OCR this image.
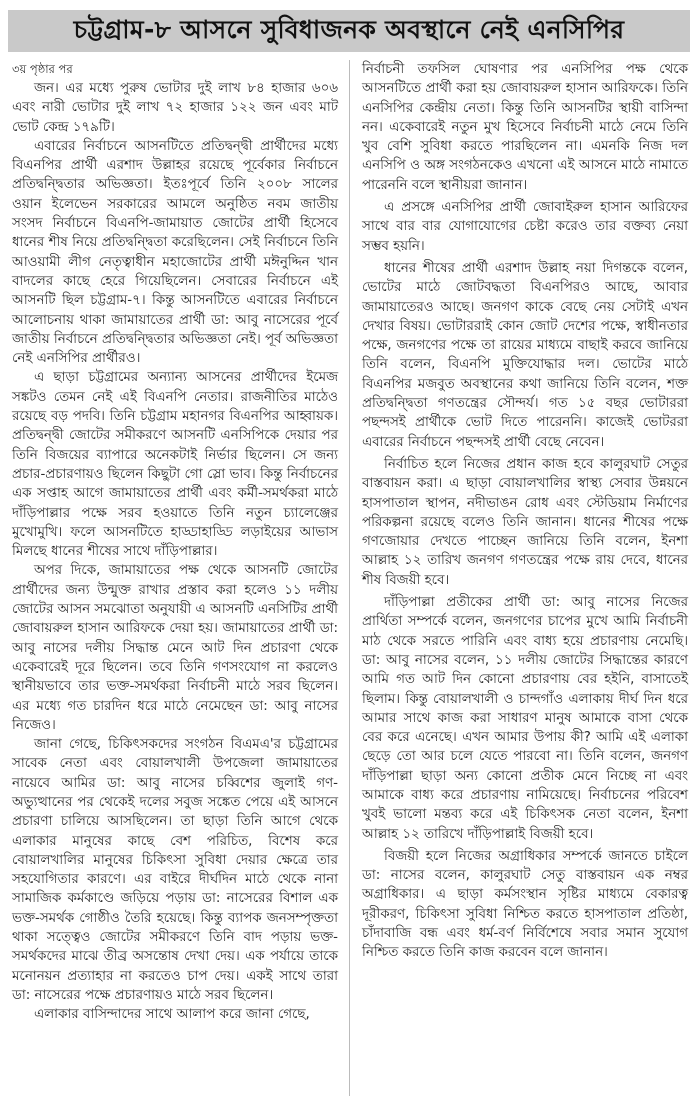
চট্টগ্রাম-৮ আসনে সুবিধাজনক অবস্থানে নেই এনসিপির
৩য় পৃষ্ঠার পর

জন। এর মধ্যে পুরুষ ভোটার দুই লাখ ৮৪ হাজার ৬০৬ এবং নারী ভোটার দুই লাখ ৭২ হাজার ১২২ জন এবং মাট ভোট কেন্দ্র ১৭৯টি।

এবারের নির্বাচনে আসনটিতে প্রতিদ্বন্দ্বী প্রার্থীদের মধ্যে বিএনপির প্রার্থী এরশাদ উল্লাহর রয়েছে পূর্বেকার নির্বাচনে প্রতিদ্বন্দ্বিতার অভিজ্ঞতা। ইতঃপূর্বে তিনি ২০০৮ সালের ওয়ান ইলেভেন সরকারের আমলে অনুষ্ঠিত নবম জাতীয় সংসদ নির্বাচনে বিএনপি-জামায়াত জোটের প্রার্থী হিসেবে ধানের শীষ নিয়ে প্রতিদ্বন্দ্বিতা করেছিলেন। সেই নির্বাচনে তিনি আওয়ামী লীগ নেতৃত্বাধীন মহাজোটের প্রার্থী মঈনুদ্দিন খান বাদলের কাছে হেরে গিয়েছিলেন। সেবারের নির্বাচনে এই আসনটি ছিল চট্টগ্রাম-৭। কিন্তু আসনটিতে এবারের নির্বাচনে আলোচনায় থাকা জামায়াতের প্রার্থী ডা: আবু নাসেরের পূর্বে জাতীয় নির্বাচনে প্রতিদ্বন্দ্বিতার অভিজ্ঞতা নেই। পূর্ব অভিজ্ঞতা নেই এনসিপির প্রার্থীরও।

এ ছাড়া চট্টগ্রামের অন্যান্য আসনের প্রার্থীদের ইমেজ সঙ্কটও তেমন নেই এই বিএনপি নেতার। রাজনীতির মাঠেও রয়েছে বড় পদবি। তিনি চট্টগ্রাম মহানগর বিএনপির আহ্বায়ক। প্রতিদ্বন্দ্বী জোটের সমীকরণে আসনটি এনসিপিকে দেয়ার পর তিনি বিজয়ের ব্যাপারে অনেকটাই নির্ভার ছিলেন। সে জন্য প্রচার-প্রচারণায়ও ছিলেন কিছুটা গো স্লো ভাব। কিন্তু নির্বাচনের এক সপ্তাহ আগে জামায়াতের প্রার্থী এবং কর্মী-সমর্থকরা মাঠে দাঁড়িপাল্লার পক্ষে সরব হওয়াতে তিনি নতুন চ্যালেঞ্জের মুখোমুখি। ফলে আসনটিতে হাড্ডাহাড্ডি লড়াইয়ের আভাস মিলছে ধানের শীষের সাথে দাঁড়িপাল্লার।

অপর দিকে, জামায়াতের পক্ষ থেকে আসনটি জোটের প্রার্থীদের জন্য উন্মুক্ত রাখার প্রস্তাব করা হলেও ১১ দলীয় জোটের আসন সমঝোতা অনুযায়ী এ আসনটি এনসিটির প্রার্থী জোবায়রুল হাসান আরিফকে দেয়া হয়। জামায়াতের প্রার্থী ডা: আবু নাসের দলীয় সিদ্ধান্ত মেনে আট দিন প্রচারণা থেকে একেবারেই দূরে ছিলেন। তবে তিনি গণসংযোগ না করলেও স্থানীয়ভাবে তার ভক্ত-সমর্থকরা নির্বাচনী মাঠে সরব ছিলেন। এর মধ্যে গত চারদিন ধরে মাঠে নেমেছেন ডা: আবু নাসের নিজেও।

জানা গেছে, চিকিৎসকদের সংগঠন বিএমএ'র চট্টগ্রামের সাবেক নেতা এবং বোয়ালখালী উপজেলা জামায়াতের নায়েবে আমির ডা: আবু নাসের চব্বিশের জুলাই গণ-অভ্যুত্থানের পর থেকেই দলের সবুজ সঙ্কেত পেয়ে এই আসনে প্রচারণা চালিয়ে আসছিলেন। তা ছাড়া তিনি আগে থেকে এলাকার মানুষের কাছে বেশ পরিচিত, বিশেষ করে বোয়ালখালির মানুষের চিকিৎসা সুবিধা দেয়ার ক্ষেত্রে তার সহযোগিতার কারণে। এর বাইরে দীর্ঘদিন মাঠে থেকে নানা সামাজিক কর্মকাণ্ডে জড়িয়ে পড়ায় ডা: নাসেরের বিশাল এক ভক্ত-সমর্থক গোষ্ঠীও তৈরি হয়েছে। কিন্তু ব্যাপক জনসম্পৃক্ততা থাকা সত্ত্বেও জোটের সমীকরণে তিনি বাদ পড়ায় ভক্ত-সমর্থকদের মাঝে তীব্র অসন্তোষ দেখা দেয়। এক পর্যায়ে তাকে মনোনয়ন প্রত্যাহার না করতেও চাপ দেয়। একই সাথে তারা ডা: নাসেরের পক্ষে প্রচারণায়ও মাঠে সরব ছিলেন।

এলাকার বাসিন্দাদের সাথে আলাপ করে জানা গেছে,

নির্বাচনী তফসিল ঘোষণার পর এনসিপির পক্ষ থেকে আসনটিতে প্রার্থী করা হয় জোবায়রুল হাসান আরিফকে। তিনি এনসিপির কেন্দ্রীয় নেতা। কিন্তু তিনি আসনটির স্থায়ী বাসিন্দা নন। একেবারেই নতুন মুখ হিসেবে নির্বাচনী মাঠে নেমে তিনি খুব বেশি সুবিধা করতে পারছিলেন না। এমনকি নিজ দল এনসিপি ও অঙ্গ সংগঠনকেও এখনো এই আসনে মাঠে নামাতে পারেননি বলে স্থানীয়রা জানান।

এ প্রসঙ্গে এনসিপির প্রার্থী জোবাইরুল হাসান আরিফের সাথে বার বার যোগাযোগের চেষ্টা করেও তার বক্তব্য নেয়া সম্ভব হয়নি।

ধানের শীষের প্রার্থী এরশাদ উল্লাহ নয়া দিগন্তকে বলেন, ভোটের মাঠে জোটবদ্ধতা বিএনপিরও আছে, আবার জামায়াতেরও আছে। জনগণ কাকে বেছে নেয় সেটাই এখন দেখার বিষয়। ভোটাররাই কোন জোট দেশের পক্ষে, স্বাধীনতার পক্ষে, জনগণের পক্ষে তা রায়ের মাধ্যমে বাছাই করবে জানিয়ে তিনি বলেন, বিএনপি মুক্তিযোদ্ধার দল। ভোটের মাঠে বিএনপির মজবুত অবস্থানের কথা জানিয়ে তিনি বলেন, শক্ত প্রতিদ্বন্দ্বিতা গণতন্ত্রের সৌন্দর্য। গত ১৫ বছর ভোটাররা পছন্দসই প্রার্থীকে ভোট দিতে পারেননি। কাজেই ভোটররা এবারের নির্বাচনে পছন্দসই প্রার্থী বেছে নেবেন।

নির্বাচিত হলে নিজের প্রধান কাজ হবে কালুরঘাট সেতুর বাস্তবায়ন করা। এ ছাড়া বোয়ালখালির স্বাস্থ্য সেবার উন্নয়নে হাসপাতাল স্থাপন, নদীভাঙন রোধ এবং স্টেডিয়াম নির্মাণের পরিকল্পনা রয়েছে বলেও তিনি জানান। ধানের শীষের পক্ষে গণজোয়ার দেখতে পাচ্ছেন জানিয়ে তিনি বলেন, ইনশা আল্লাহ ১২ তারিখ জনগণ গণতন্ত্রের পক্ষে রায় দেবে, ধানের শীষ বিজয়ী হবে।

দাঁড়িপাল্লা প্রতীকের প্রার্থী ডা: আবু নাসের নিজের প্রার্থিতা সম্পর্কে বলেন, জনগণের চাপের মুখে আমি নির্বাচনী মাঠ থেকে সরতে পারিনি এবং বাধ্য হয়ে প্রচারণায় নেমেছি। ডা: আবু নাসের বলেন, ১১ দলীয় জোটের সিদ্ধান্তের কারণে আমি গত আট দিন কোনো প্রচারণায় বের হইনি, বাসাতেই ছিলাম। কিন্তু বোয়ালখালী ও চান্দগাঁও এলাকায় দীর্ঘ দিন ধরে আমার সাথে কাজ করা সাধারণ মানুষ আমাকে বাসা থেকে বের করে এনেছে। এখন আমার উপায় কী? আমি এই এলাকা ছেড়ে তো আর চলে যেতে পারবো না। তিনি বলেন, জনগণ দাঁড়িপাল্লা ছাড়া অন্য কোনো প্রতীক মেনে নিচ্ছে না এবং আমাকে বাধ্য করে প্রচারণায় নামিয়েছে। নির্বাচনের পরিবেশ খুবই ভালো মন্তব্য করে এই চিকিৎসক নেতা বলেন, ইনশা আল্লাহ ১২ তারিখে দাঁড়িপাল্লাই বিজয়ী হবে।

বিজয়ী হলে নিজের অগ্রাধিকার সম্পর্কে জানতে চাইলে ডা: নাসের বলেন, কালুরঘাট সেতু বাস্তবায়ন এক নম্বর অগ্রাধিকার। এ ছাড়া কর্মসংস্থান সৃষ্টির মাধ্যমে বেকারত্ব দূরীকরণ, চিকিৎসা সুবিধা নিশ্চিত করতে হাসপাতাল প্রতিষ্ঠা, চাঁদাবাজি বন্ধ এবং ধর্ম-বর্ণ নির্বিশেষে সবার সমান সুযোগ নিশ্চিত করতে তিনি কাজ করবেন বলে জানান।
